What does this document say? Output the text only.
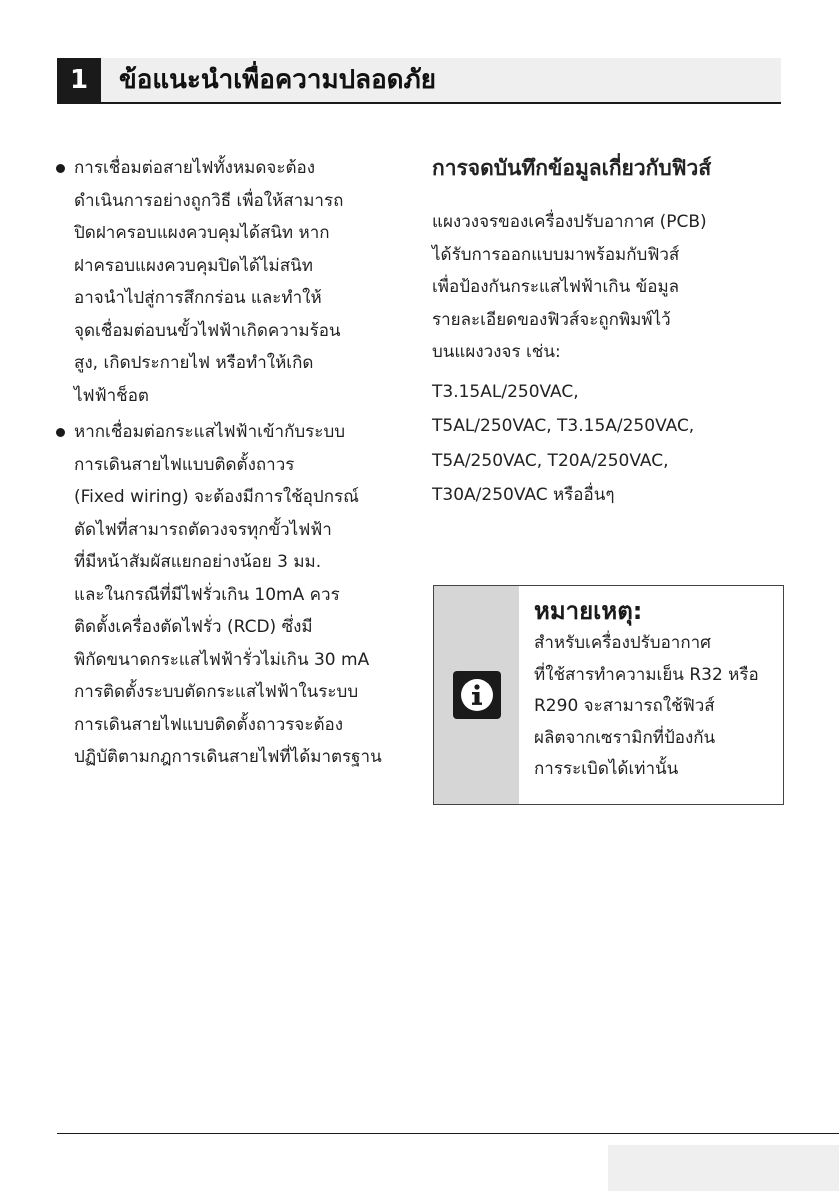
1	ข้อแนะนำเพื่อความปลอดภัย
การเชื่อมต่อสายไฟทั้งหมดจะต้อง
ดำเนินการอย่างถูกวิธี เพื่อให้สามารถ
ปิดฝาครอบแผงควบคุมได้สนิท หาก
ฝาครอบแผงควบคุมปิดได้ไม่สนิท
อาจนำไปสู่การสึกกร่อน และทำให้
จุดเชื่อมต่อบนขั้วไฟฟ้าเกิดความร้อน
สูง, เกิดประกายไฟ หรือทำให้เกิด
ไฟฟ้าช็อต
หากเชื่อมต่อกระแสไฟฟ้าเข้ากับระบบ
การเดินสายไฟแบบติดตั้งถาวร
(Fixed wiring) จะต้องมีการใช้อุปกรณ์
ตัดไฟที่สามารถตัดวงจรทุกขั้วไฟฟ้า
ที่มีหน้าสัมผัสแยกอย่างน้อย 3 มม.
และในกรณีที่มีไฟรั่วเกิน 10mA ควร
ติดตั้งเครื่องตัดไฟรั่ว (RCD) ซึ่งมี
พิกัดขนาดกระแสไฟฟ้ารั่วไม่เกิน 30 mA
การติดตั้งระบบตัดกระแสไฟฟ้าในระบบ
การเดินสายไฟแบบติดตั้งถาวรจะต้อง
ปฏิบัติตามกฎการเดินสายไฟที่ได้มาตรฐาน
การจดบันทึกข้อมูลเกี่ยวกับฟิวส์
แผงวงจรของเครื่องปรับอากาศ (PCB)
ได้รับการออกแบบมาพร้อมกับฟิวส์
เพื่อป้องกันกระแสไฟฟ้าเกิน ข้อมูล
รายละเอียดของฟิวส์จะถูกพิมพ์ไว้
บนแผงวงจร เช่น:
T3.15AL/250VAC,
T5AL/250VAC, T3.15A/250VAC,
T5A/250VAC, T20A/250VAC,
T30A/250VAC หรืออื่นๆ
หมายเหตุ:
สำหรับเครื่องปรับอากาศ
ที่ใช้สารทำความเย็น R32 หรือ
R290 จะสามารถใช้ฟิวส์
ผลิตจากเซรามิกที่ป้องกัน
การระเบิดได้เท่านั้น
